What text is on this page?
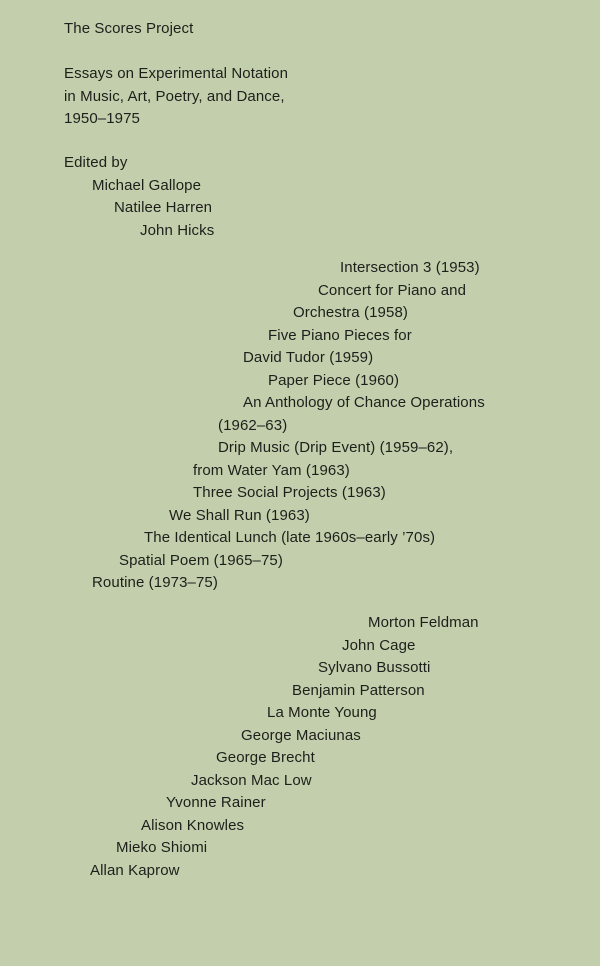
The Scores Project
Essays on Experimental Notation
in Music, Art, Poetry, and Dance,
1950–1975
Edited by
Michael Gallope
Natilee Harren
John Hicks
Intersection 3 (1953)
Concert for Piano and
Orchestra (1958)
Five Piano Pieces for
David Tudor (1959)
Paper Piece (1960)
An Anthology of Chance Operations
(1962–63)
Drip Music (Drip Event) (1959–62),
from Water Yam (1963)
Three Social Projects (1963)
We Shall Run (1963)
The Identical Lunch (late 1960s–early ’70s)
Spatial Poem (1965–75)
Routine (1973–75)
Morton Feldman
John Cage
Sylvano Bussotti
Benjamin Patterson
La Monte Young
George Maciunas
George Brecht
Jackson Mac Low
Yvonne Rainer
Alison Knowles
Mieko Shiomi
Allan Kaprow
